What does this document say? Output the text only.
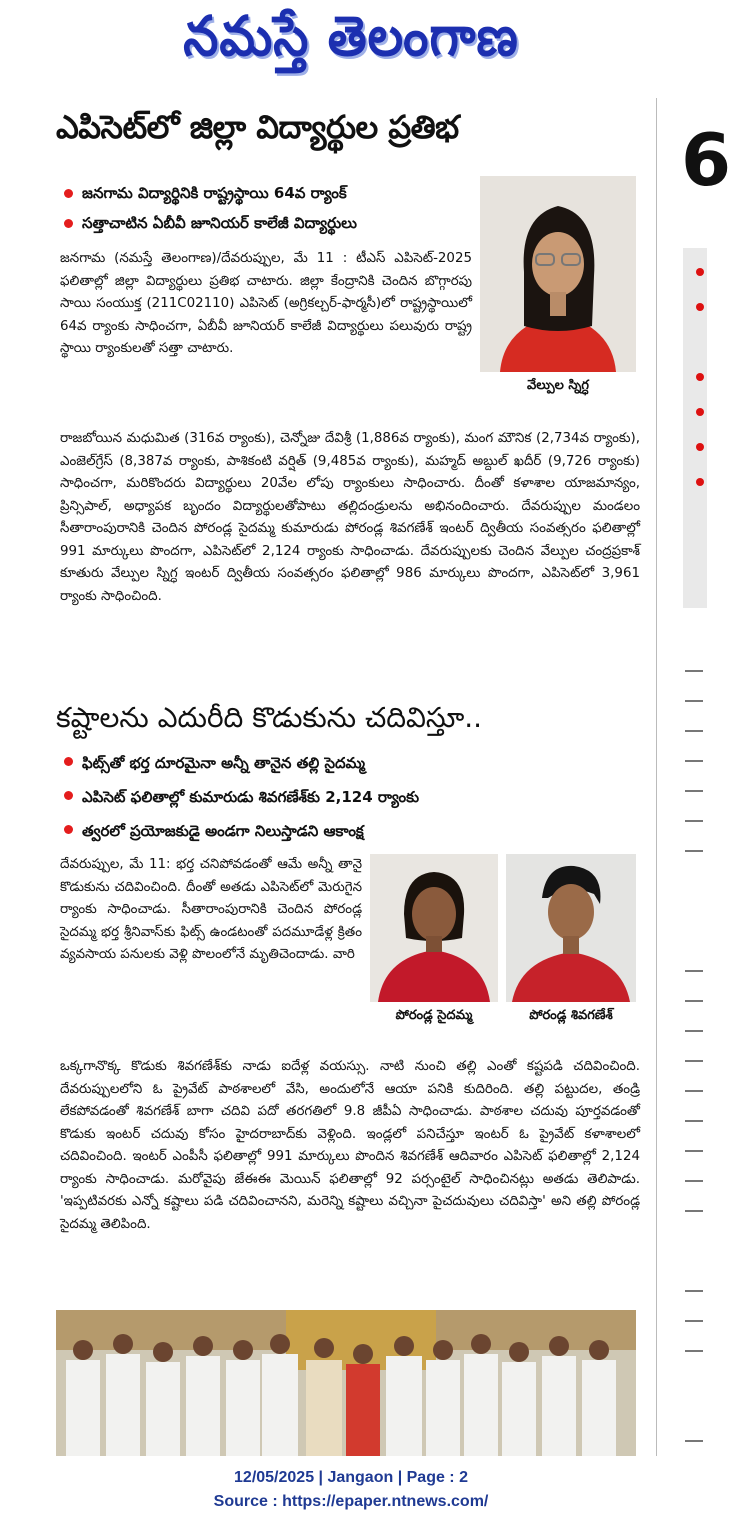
నమస్తే తెలంగాణ
6
ఎపిసెట్‌లో జిల్లా విద్యార్థుల ప్రతిభ
జనగామ విద్యార్థినికి రాష్ట్రస్థాయి 64వ ర్యాంక్
సత్తాచాటిన ఏబీవీ జూనియర్ కాలేజీ విద్యార్థులు
వేల్పుల స్నిగ్ధ
జనగామ (నమస్తే తెలంగాణ)/దేవరుప్పుల, మే 11 : టీఎస్ ఎపిసెట్-2025 ఫలితాల్లో జిల్లా విద్యార్థులు ప్రతిభ చాటారు. జిల్లా కేంద్రానికి చెందిన బొగ్గారపు సాయి సంయుక్త (211C02110) ఎపిసెట్ (అగ్రికల్చర్-ఫార్మసీ)లో రాష్ట్రస్థాయిలో 64వ ర్యాంకు సాధించగా, ఏబీవీ జూనియర్ కాలేజీ విద్యార్థులు పలువురు రాష్ట్ర స్థాయి ర్యాంకులతో సత్తా చాటారు.
రాజబోయిన మధుమిత (316వ ర్యాంకు), చెన్నోజు దేవిశ్రీ (1,886వ ర్యాంకు), మంగ మౌనిక (2,734వ ర్యాంకు), ఎంజెల్‌గ్రేస్ (8,387వ ర్యాంకు, పాశికంటి వర్షిత్ (9,485వ ర్యాంకు), మహ్మద్ అబ్దుల్ ఖదీర్ (9,726 ర్యాంకు) సాధించగా, మరికొందరు విద్యార్థులు 20వేల లోపు ర్యాంకులు సాధించారు. దీంతో కళాశాల యాజమాన్యం, ప్రిన్సిపాల్, అధ్యాపక బృందం విద్యార్థులతోపాటు తల్లిదండ్రులను అభినందించారు. దేవరుప్పుల మండలం సీతారాంపురానికి చెందిన పోరండ్ల సైదమ్మ కుమారుడు పోరండ్ల శివగణేశ్ ఇంటర్ ద్వితీయ సంవత్సరం ఫలితాల్లో 991 మార్కులు పొందగా, ఎపిసెట్‌లో 2,124 ర్యాంకు సాధించాడు. దేవరుప్పులకు చెందిన వేల్పుల చంద్రప్రకాశ్ కూతురు వేల్పుల స్నిగ్ధ ఇంటర్ ద్వితీయ సంవత్సరం ఫలితాల్లో 986 మార్కులు పొందగా, ఎపిసెట్‌లో 3,961 ర్యాంకు సాధించింది.
కష్టాలను ఎదురీది కొడుకును చదివిస్తూ..
ఫిట్స్‌తో భర్త దూరమైనా అన్నీ తానైన తల్లి సైదమ్మ
ఎపిసెట్ ఫలితాల్లో కుమారుడు శివగణేశ్‌కు 2,124 ర్యాంకు
త్వరలో ప్రయోజకుడై అండగా నిలుస్తాడని ఆకాంక్ష
పోరండ్ల సైదమ్మ	పోరండ్ల శివగణేశ్
దేవరుప్పుల, మే 11: భర్త చనిపోవడంతో ఆమే అన్నీ తానై కొడుకును చదివించింది. దీంతో అతడు ఎపిసెట్‌లో మెరుగైన ర్యాంకు సాధించాడు. సీతారాంపురానికి చెందిన పోరండ్ల సైదమ్మ భర్త శ్రీనివాస్‌కు ఫిట్స్ ఉండటంతో పదమూడేళ్ల క్రితం వ్యవసాయ పనులకు వెళ్లి పొలంలోనే మృతిచెందాడు. వారి
ఒక్కగానొక్క కొడుకు శివగణేశ్‌కు నాడు ఐదేళ్ల వయస్సు. నాటి నుంచి తల్లి ఎంతో కష్టపడి చదివించింది. దేవరుప్పులలోని ఓ ప్రైవేట్ పాఠశాలలో వేసి, అందులోనే ఆయా పనికి కుదిరింది. తల్లి పట్టుదల, తండ్రి లేకపోవడంతో శివగణేశ్ బాగా చదివి పదో తరగతిలో 9.8 జీపీఏ సాధించాడు. పాఠశాల చదువు పూర్తవడంతో కొడుకు ఇంటర్ చదువు కోసం హైదరాబాద్‌కు వెళ్లింది. ఇండ్లలో పనిచేస్తూ ఇంటర్ ఓ ప్రైవేట్ కళాశాలలో చదివించింది. ఇంటర్ ఎంపీసీ ఫలితాల్లో 991 మార్కులు పొందిన శివగణేశ్ ఆదివారం ఎపిసెట్ ఫలితాల్లో 2,124 ర్యాంకు సాధించాడు. మరోవైపు జేఈఈ మెయిన్ ఫలితాల్లో 92 పర్సంటైల్ సాధించినట్లు అతడు తెలిపాడు. 'ఇప్పటివరకు ఎన్నో కష్టాలు పడి చదివించానని, మరెన్ని కష్టాలు వచ్చినా పైచదువులు చదివిస్తా' అని తల్లి పోరండ్ల సైదమ్మ తెలిపింది.
12/05/2025 | Jangaon | Page : 2
Source : https://epaper.ntnews.com/
